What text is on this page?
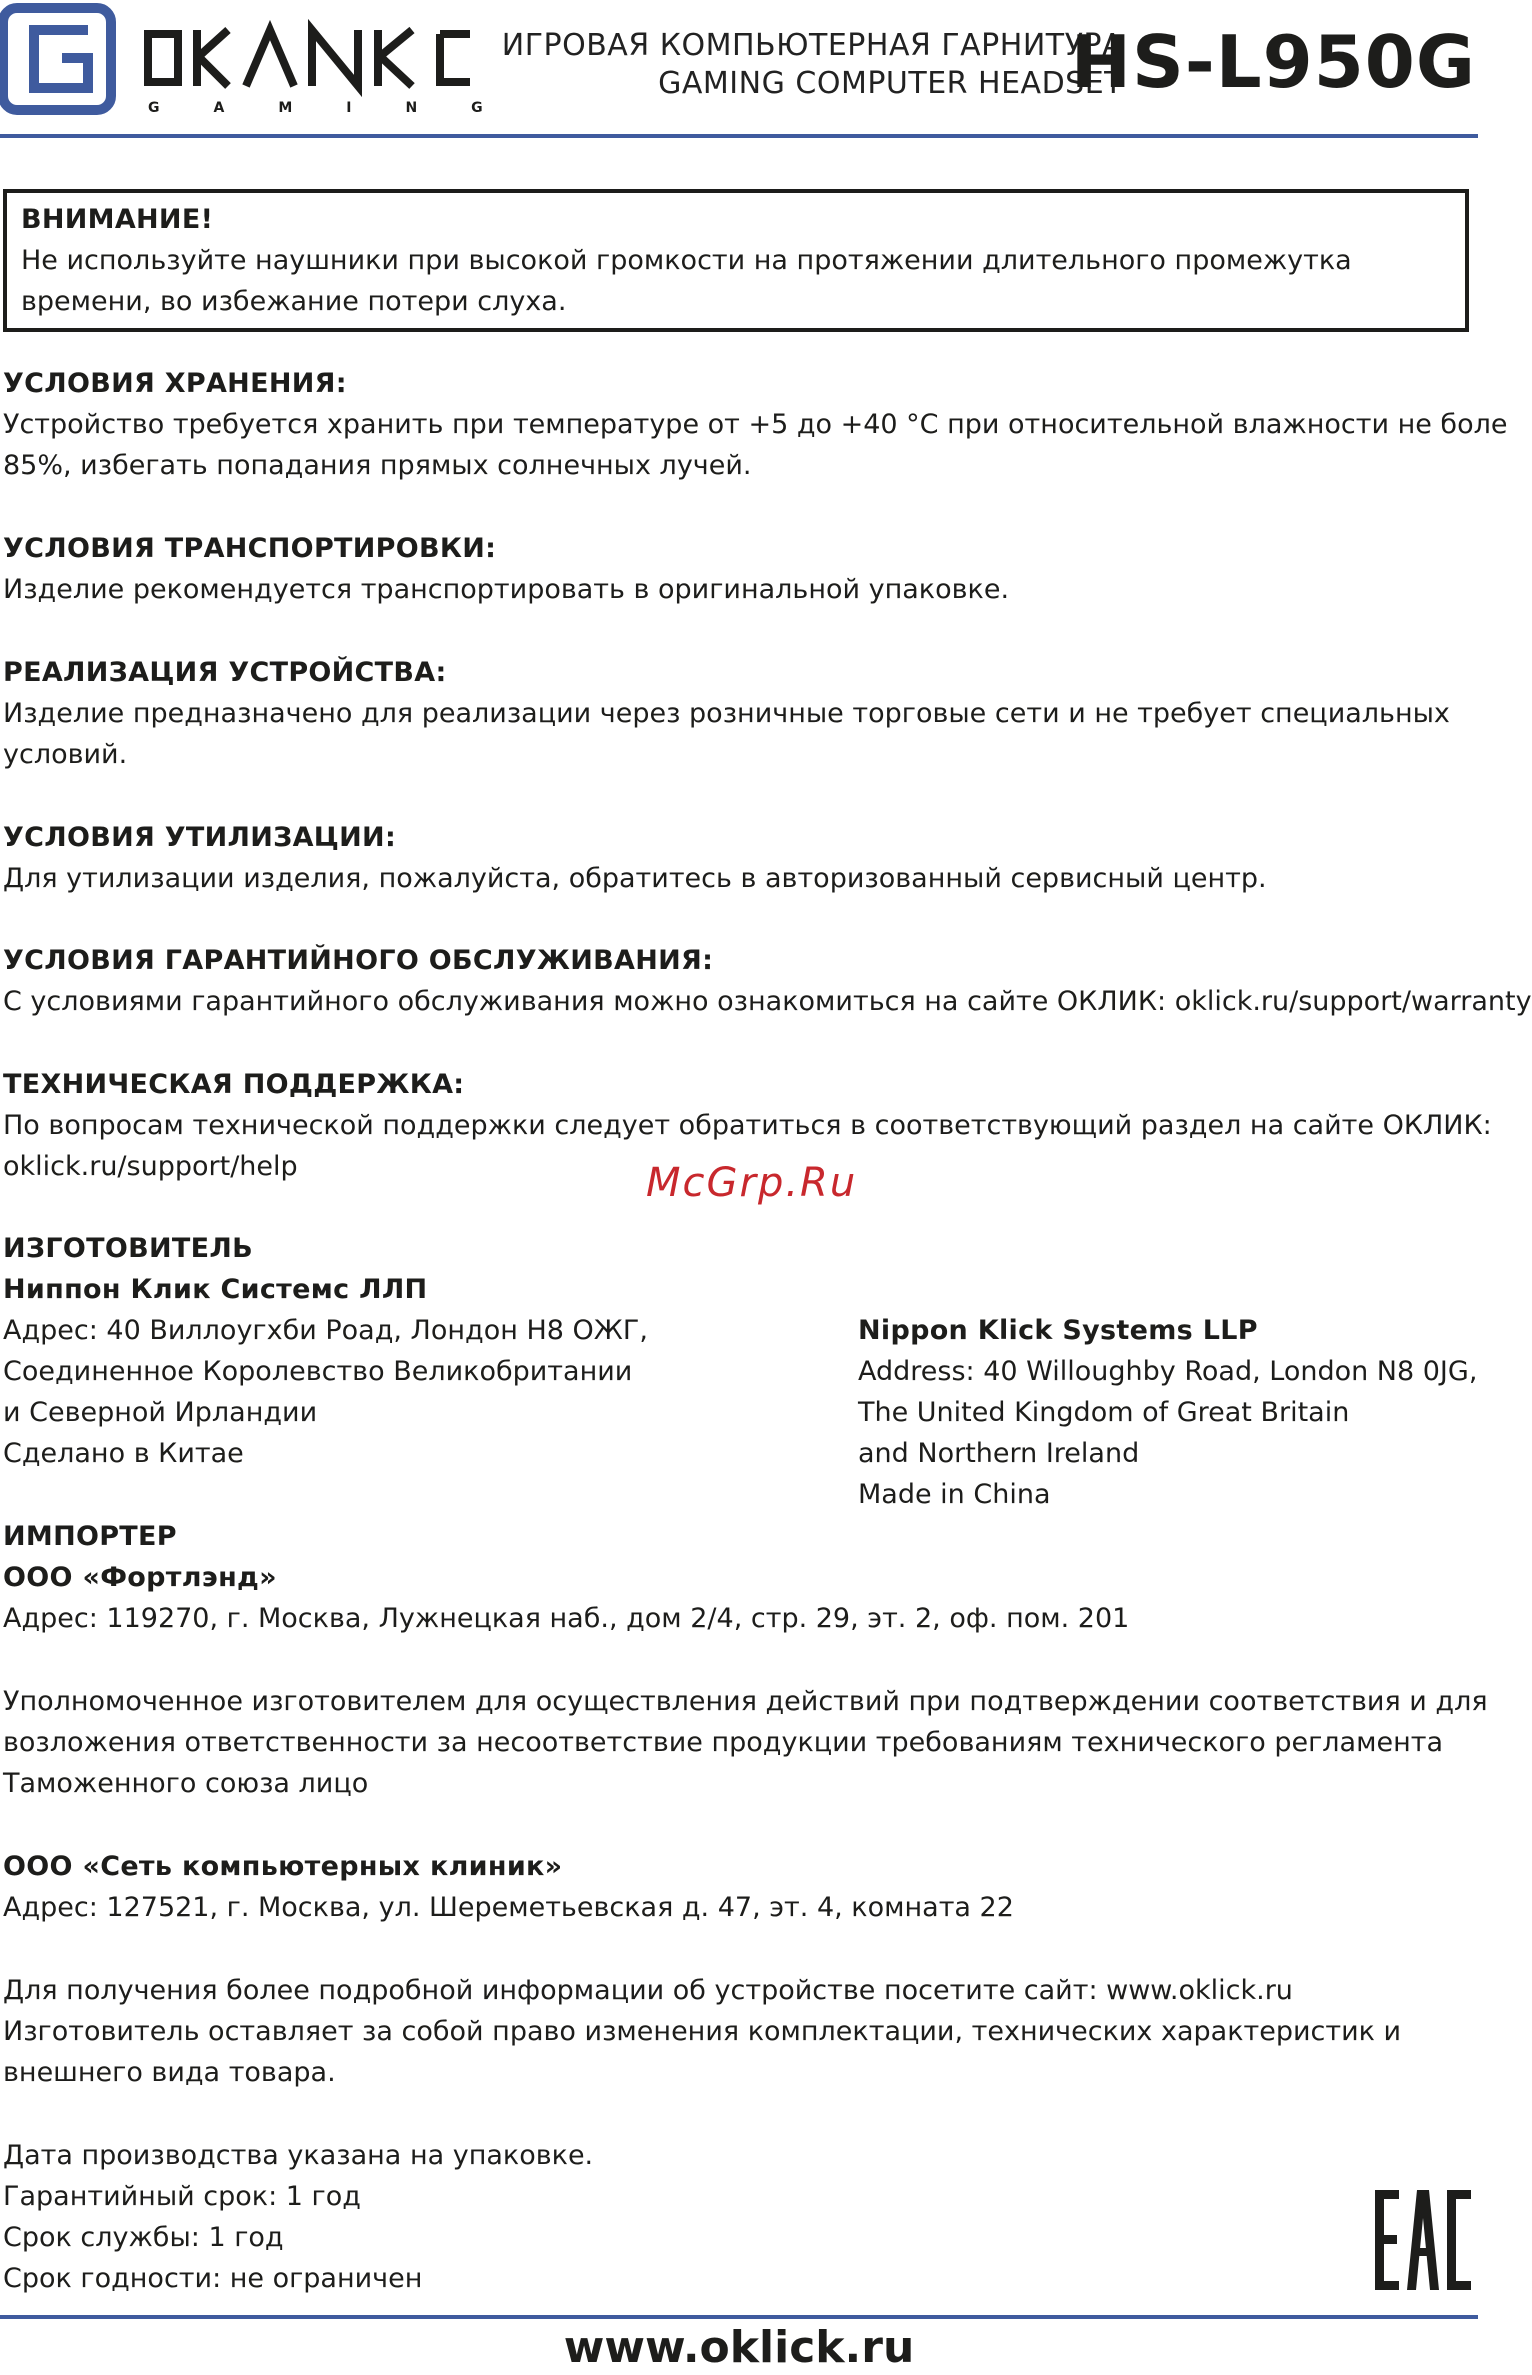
GAMING
ИГРОВАЯ КОМПЬЮТЕРНАЯ ГАРНИТУРА
GAMING COMPUTER HEADSET
HS-L950G
ВНИМАНИЕ!
Не используйте наушники при высокой громкости на протяжении длительного промежутка
времени, во избежание потери слуха.
УСЛОВИЯ ХРАНЕНИЯ:
Устройство требуется хранить при температуре от +5 до +40 °С при относительной влажности не боле
85%, избегать попадания прямых солнечных лучей.
УСЛОВИЯ ТРАНСПОРТИРОВКИ:
Изделие рекомендуется транспортировать в оригинальной упаковке.
РЕАЛИЗАЦИЯ УСТРОЙСТВА:
Изделие предназначено для реализации через розничные торговые сети и не требует специальных
условий.
УСЛОВИЯ УТИЛИЗАЦИИ:
Для утилизации изделия, пожалуйста, обратитесь в авторизованный сервисный центр.
УСЛОВИЯ ГАРАНТИЙНОГО ОБСЛУЖИВАНИЯ:
С условиями гарантийного обслуживания можно ознакомиться на сайте ОКЛИК: oklick.ru/support/warranty
ТЕХНИЧЕСКАЯ ПОДДЕРЖКА:
По вопросам технической поддержки следует обратиться в соответствующий раздел на сайте ОКЛИК:
oklick.ru/support/help	McGrp.Ru
ИЗГОТОВИТЕЛЬ
Ниппон Клик Системс ЛЛП
Адрес: 40 Виллоугхби Роад, Лондон Н8 ОЖГ,
Соединенное Королевство Великобритании
и Северной Ирландии
Сделано в Китае
Nippon Klick Systems LLP
Address: 40 Willoughby Road, London N8 0JG,
The United Kingdom of Great Britain
and Northern Ireland
Made in China
ИМПОРТЕР
ООО «Фортлэнд»
Адрес: 119270, г. Москва, Лужнецкая наб., дом 2/4, стр. 29, эт. 2, оф. пом. 201
Уполномоченное изготовителем для осуществления действий при подтверждении соответствия и для
возложения ответственности за несоответствие продукции требованиям технического регламента
Таможенного союза лицо
ООО «Сеть компьютерных клиник»
Адрес: 127521, г. Москва, ул. Шереметьевская д. 47, эт. 4, комната 22
Для получения более подробной информации об устройстве посетите сайт: www.oklick.ru
Изготовитель оставляет за собой право изменения комплектации, технических характеристик и
внешнего вида товара.
Дата производства указана на упаковке.
Гарантийный срок: 1 год
Срок службы: 1 год
Срок годности: не ограничен
www.oklick.ru
